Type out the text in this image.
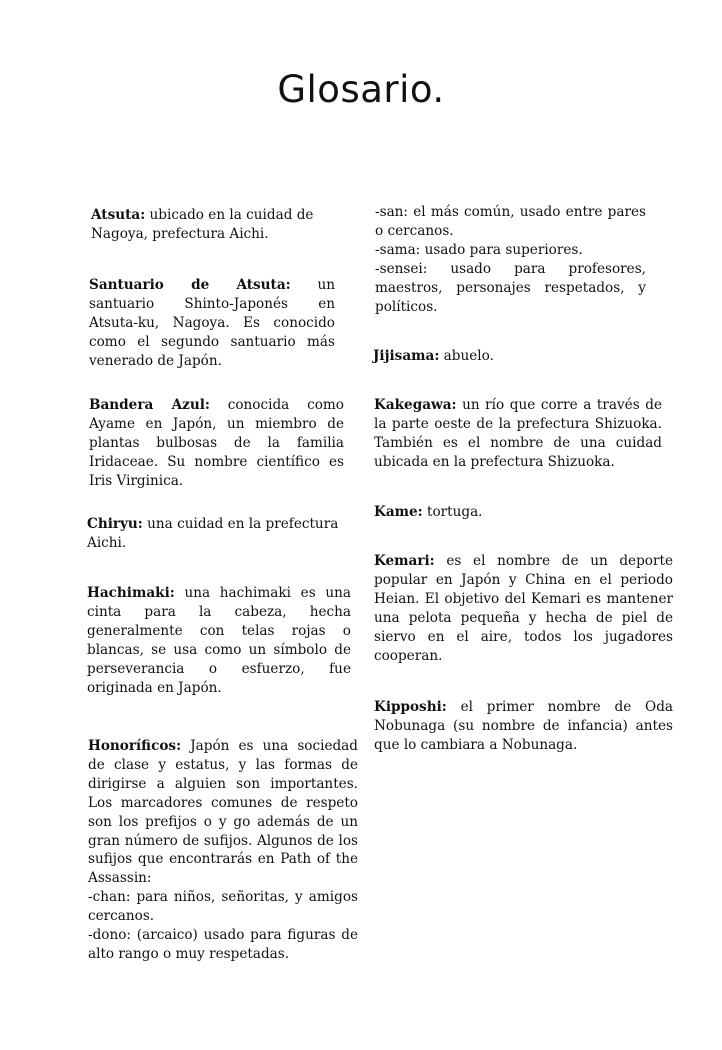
Glosario.

Atsuta: ubicado en la cuidad de Nagoya, prefectura Aichi.

Santuario de Atsuta: un santuario Shinto-Japonés en Atsuta-ku, Nagoya. Es conocido como el segundo santuario más venerado de Japón.

Bandera Azul: conocida como Ayame en Japón, un miembro de plantas bulbosas de la familia Iridaceae. Su nombre científico es Iris Virginica.

Chiryu: una cuidad en la prefectura Aichi.

Hachimaki: una hachimaki es una cinta para la cabeza, hecha generalmente con telas rojas o blancas, se usa como un símbolo de perseverancia o esfuerzo, fue originada en Japón.

Honoríficos: Japón es una sociedad de clase y estatus, y las formas de dirigirse a alguien son importantes. Los marcadores comunes de respeto son los prefijos o y go además de un gran número de sufijos. Algunos de los sufijos que encontrarás en Path of the Assassin:
-chan: para niños, señoritas, y amigos cercanos.
-dono: (arcaico) usado para figuras de alto rango o muy respetadas.

-san: el más común, usado entre pares o cercanos.
-sama: usado para superiores.
-sensei: usado para profesores, maestros, personajes respetados, y políticos.

Jijisama: abuelo.

Kakegawa: un río que corre a través de la parte oeste de la prefectura Shizuoka. También es el nombre de una cuidad ubicada en la prefectura Shizuoka.

Kame: tortuga.

Kemari: es el nombre de un deporte popular en Japón y China en el periodo Heian. El objetivo del Kemari es mantener una pelota pequeña y hecha de piel de siervo en el aire, todos los jugadores cooperan.

Kipposhi: el primer nombre de Oda Nobunaga (su nombre de infancia) antes que lo cambiara a Nobunaga.
